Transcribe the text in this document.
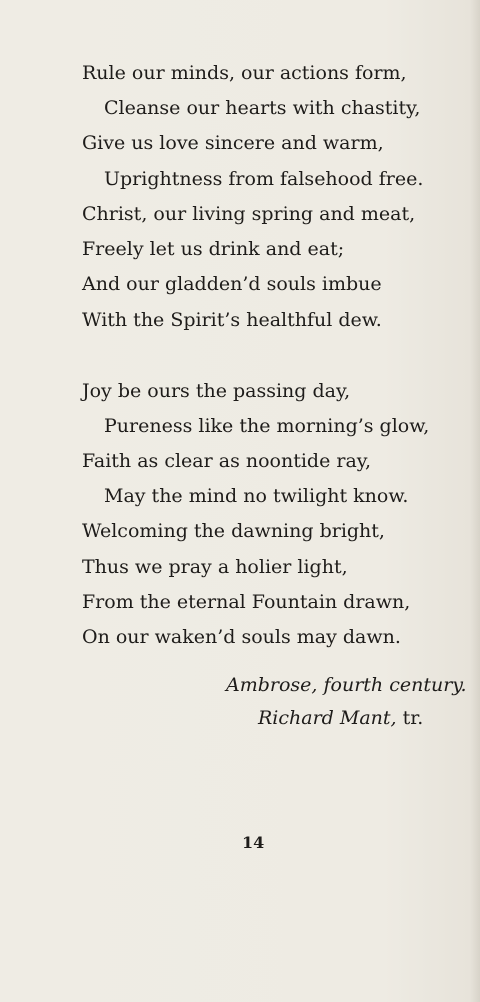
Rule our minds, our actions form,
Cleanse our hearts with chastity,
Give us love sincere and warm,
Uprightness from falsehood free.
Christ, our living spring and meat,
Freely let us drink and eat;
And our gladden’d souls imbue
With the Spirit’s healthful dew.
Joy be ours the passing day,
Pureness like the morning’s glow,
Faith as clear as noontide ray,
May the mind no twilight know.
Welcoming the dawning bright,
Thus we pray a holier light,
From the eternal Fountain drawn,
On our waken’d souls may dawn.
Ambrose, fourth century.
Richard Mant, tr.
14
